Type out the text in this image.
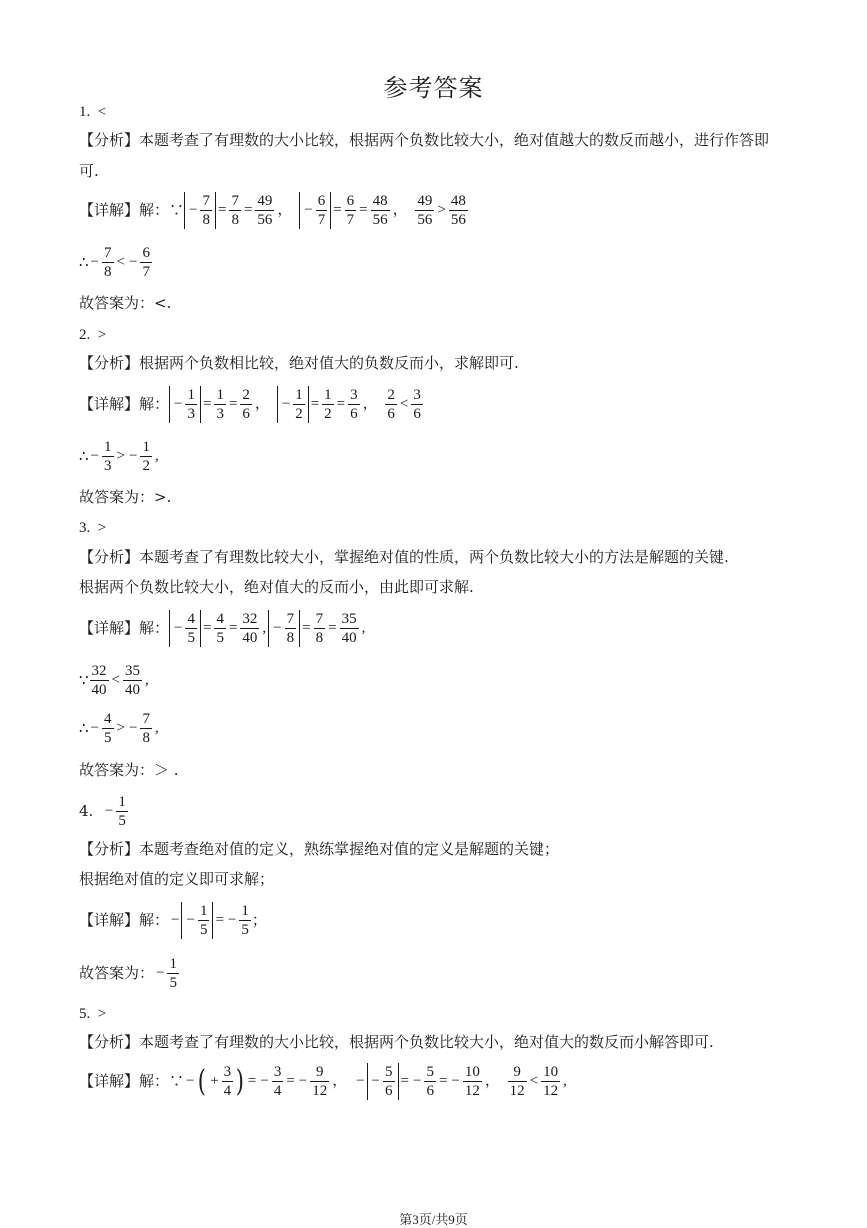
参考答案
1. <
【分析】本题考查了有理数的大小比较，根据两个负数比较大小，绝对值越大的数反而越小，进行作答即
可.
【详解】解：∵ − $\frac{7}{8} = \frac{7}{8} = \frac{49}{56}$ ， − $\frac{6}{7} = \frac{6}{7} = \frac{48}{56}$ ， $\frac{49}{56} > \frac{48}{56}$
∴ − $\frac{7}{8}$ < − $\frac{6}{7}$
故答案为：<.
2. >
【分析】根据两个负数相比较，绝对值大的负数反而小，求解即可.
【详解】解： − $\frac{1}{3} = \frac{1}{3} = \frac{2}{6}$ ， − $\frac{1}{2} = \frac{1}{2} = \frac{3}{6}$ ， $\frac{2}{6} < \frac{3}{6}$
∴ − $\frac{1}{3}$ > − $\frac{1}{2}$ ,
故答案为：>.
3. >
【分析】本题考查了有理数比较大小，掌握绝对值的性质，两个负数比较大小的方法是解题的关键.
根据两个负数比较大小，绝对值大的反而小，由此即可求解.
【详解】解： − $\frac{4}{5} = \frac{4}{5} = \frac{32}{40}$ , − $\frac{7}{8} = \frac{7}{8} = \frac{35}{40}$ ,
∵ $\frac{32}{40} < \frac{35}{40}$ ,
∴ − $\frac{4}{5}$ > − $\frac{7}{8}$ ,
故答案为：＞ .
4. − $\frac{1}{5}$
【分析】本题考查绝对值的定义，熟练掌握绝对值的定义是解题的关键；
根据绝对值的定义即可求解；
【详解】解： − − $\frac{1}{5}$ = − $\frac{1}{5}$ ；
故答案为： − $\frac{1}{5}$
5. >
【分析】本题考查了有理数的大小比较，根据两个负数比较大小，绝对值大的数反而小解答即可.
【详解】解：∵ − ( + $\frac{3}{4}$ ) = − $\frac{3}{4}$ = − $\frac{9}{12}$ ， − − $\frac{5}{6}$ = − $\frac{5}{6}$ = − $\frac{10}{12}$ ， $\frac{9}{12} < \frac{10}{12}$ ,
第3页/共9页
